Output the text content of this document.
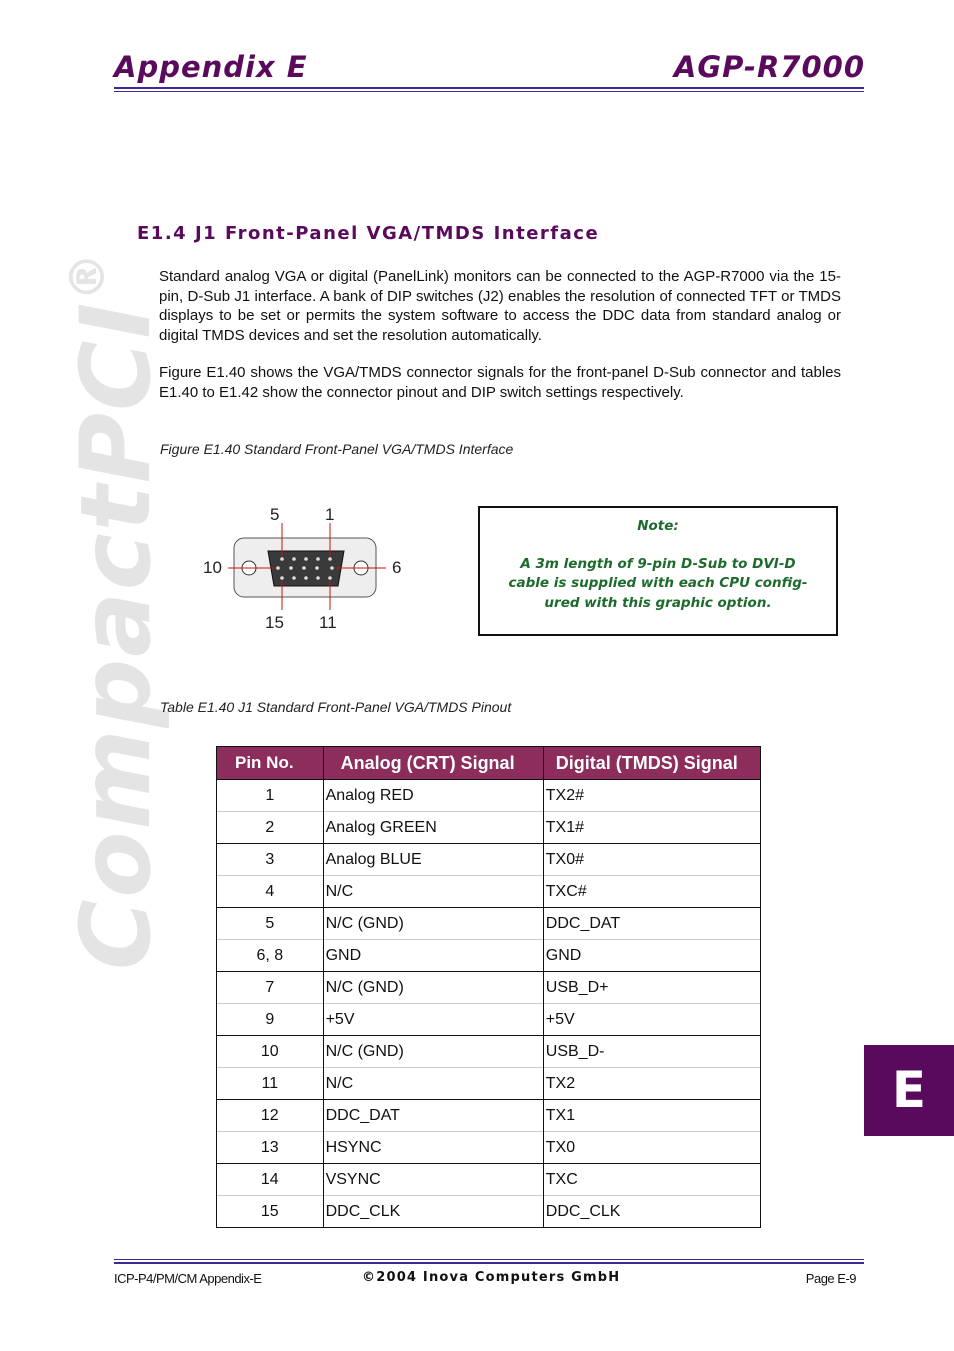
Appendix E	AGP-R7000
CompactPCI®
E1.4 J1 Front-Panel VGA/TMDS Interface
Standard analog VGA or digital (PanelLink) monitors can be connected to the AGP-R7000 via the 15-pin, D-Sub J1 interface. A bank of DIP switches (J2) enables the resolution of connected TFT or TMDS displays to be set or permits the system software to access the DDC data from standard analog or digital TMDS devices and set the resolution automatically.
Figure E1.40 shows the VGA/TMDS connector signals for the front-panel D-Sub connector and tables E1.40 to E1.42 show the connector pinout and DIP switch settings respectively.
Figure E1.40 Standard Front-Panel VGA/TMDS Interface
5	1
10	6
15 11
Note:
A 3m length of 9-pin D-Sub to DVI-D cable is supplied with each CPU config-ured with this graphic option.
Table E1.40 J1 Standard Front-Panel VGA/TMDS Pinout
Pin No.	Analog (CRT) Signal	Digital (TMDS) Signal
1	Analog RED	TX2#
2	Analog GREEN	TX1#
3	Analog BLUE	TX0#
4	N/C	TXC#
5	N/C (GND)	DDC_DAT
6, 8	GND	GND
7	N/C (GND)	USB_D+
9	+5V	+5V
10	N/C (GND)	USB_D-
11	N/C	TX2
12	DDC_DAT	TX1
13	HSYNC	TX0
14	VSYNC	TXC
15	DDC_CLK	DDC_CLK
E
ICP-P4/PM/CM Appendix-E	©2004 Inova Computers GmbH	Page E-9
